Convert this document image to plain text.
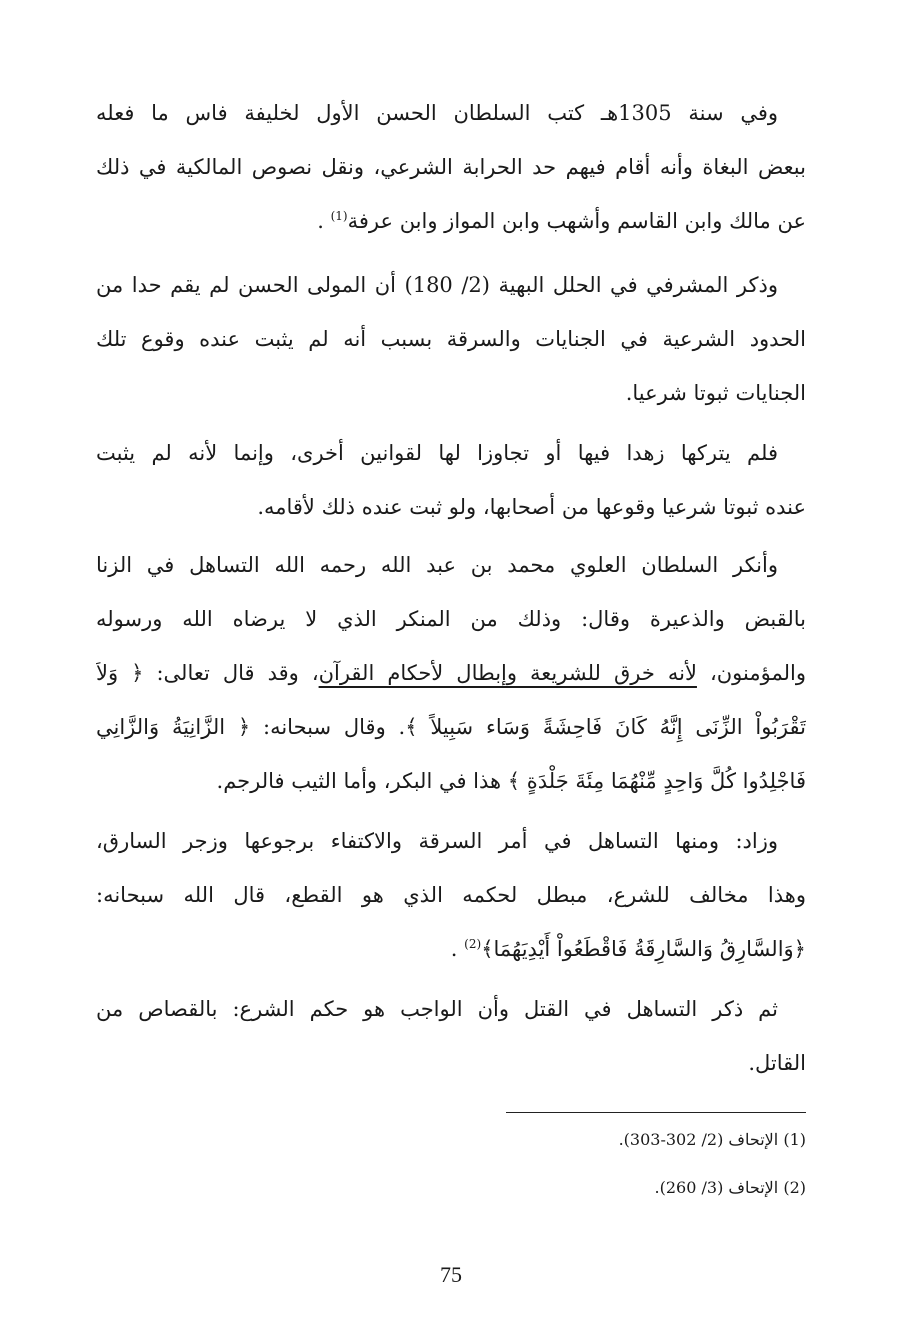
وفي سنة 1305هـ كتب السلطان الحسن الأول لخليفة فاس ما فعله
ببعض البغاة وأنه أقام فيهم حد الحرابة الشرعي، ونقل نصوص المالكية في ذلك
عن مالك وابن القاسم وأشهب وابن المواز وابن عرفة$^{(1)}$ .
وذكر المشرفي في الحلل البهية (2/ 180) أن المولى الحسن لم يقم حدا من
الحدود الشرعية في الجنايات والسرقة بسبب أنه لم يثبت عنده وقوع تلك
الجنايات ثبوتا شرعيا.
فلم يتركها زهدا فيها أو تجاوزا لها لقوانين أخرى، وإنما لأنه لم يثبت
عنده ثبوتا شرعيا وقوعها من أصحابها، ولو ثبت عنده ذلك لأقامه.
وأنكر السلطان العلوي محمد بن عبد الله رحمه الله التساهل في الزنا
بالقبض والذعيرة وقال: وذلك من المنكر الذي لا يرضاه الله ورسوله
والمؤمنون، لأنه خرق للشريعة وإبطال لأحكام القرآن، وقد قال تعالى: ﴿ وَلاَ
تَقْرَبُواْ الزِّنَى إِنَّهُ كَانَ فَاحِشَةً وَسَاء سَبِيلاً ﴾. وقال سبحانه: ﴿ الزَّانِيَةُ وَالزَّانِي
فَاجْلِدُوا كُلَّ وَاحِدٍ مِّنْهُمَا مِئَةَ جَلْدَةٍ ﴾ هذا في البكر، وأما الثيب فالرجم.
وزاد: ومنها التساهل في أمر السرقة والاكتفاء برجوعها وزجر السارق،
وهذا مخالف للشرع، مبطل لحكمه الذي هو القطع، قال الله سبحانه:
﴿وَالسَّارِقُ وَالسَّارِقَةُ فَاقْطَعُواْ أَيْدِيَهُمَا﴾$^{(2)}$ .
ثم ذكر التساهل في القتل وأن الواجب هو حكم الشرع: بالقصاص من
القاتل.
(1) الإتحاف (2/ 302-303).
(2) الإتحاف (3/ 260).
75
